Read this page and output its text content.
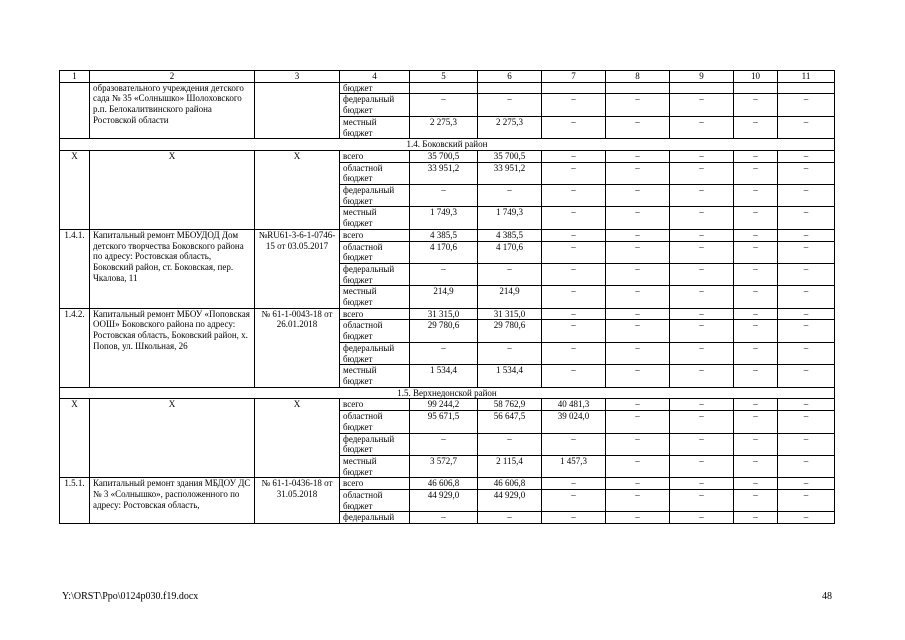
1	2	3	4	5	6	7	8	9	10	11
	образовательного учреждения детского сада № 35 «Солнышко» Шолоховского р.п. Белокалитвинского района Ростовской области		бюджет							
			федеральный бюджет	–	–	–	–	–	–	–
			местный бюджет	2 275,3	2 275,3	–	–	–	–	–
1.4. Боковский район										
Х	Х	Х	всего	35 700,5	35 700,5	–	–	–	–	–
			областной бюджет	33 951,2	33 951,2	–	–	–	–	–
			федеральный бюджет	–	–	–	–	–	–	–
			местный бюджет	1 749,3	1 749,3	–	–	–	–	–
1.4.1.	Капитальный ремонт МБОУДОД Дом детского творчества Боковского района по адресу: Ростовская область, Боковский район, ст. Боковская, пер. Чкалова, 11	№RU61-3-6-1-0746-15 от 03.05.2017	всего	4 385,5	4 385,5	–	–	–	–	–
			областной бюджет	4 170,6	4 170,6	–	–	–	–	–
			федеральный бюджет	–	–	–	–	–	–	–
			местный бюджет	214,9	214,9	–	–	–	–	–
1.4.2.	Капитальный ремонт МБОУ «Поповская ООШ» Боковского района по адресу: Ростовская область, Боковский район, х. Попов, ул. Школьная, 26	№ 61-1-0043-18 от 26.01.2018	всего	31 315,0	31 315,0	–	–	–	–	–
			областной бюджет	29 780,6	29 780,6	–	–	–	–	–
			федеральный бюджет	–	–	–	–	–	–	–
			местный бюджет	1 534,4	1 534,4	–	–	–	–	–
1.5. Верхнедонской район										
Х	Х	Х	всего	99 244,2	58 762,9	40 481,3	–	–	–	–
			областной бюджет	95 671,5	56 647,5	39 024,0	–	–	–	–
			федеральный бюджет	–	–	–	–	–	–	–
			местный бюджет	3 572,7	2 115,4	1 457,3	–	–	–	–
1.5.1.	Капитальный ремонт здания МБДОУ ДС № 3 «Солнышко», расположенного по адресу: Ростовская область,	№ 61-1-0436-18 от 31.05.2018	всего	46 606,8	46 606,8	–	–	–	–	–
			областной бюджет	44 929,0	44 929,0	–	–	–	–	–
			федеральный	–	–	–	–	–	–	–
Y:\ORST\Ppo\0124p030.f19.docx	48
